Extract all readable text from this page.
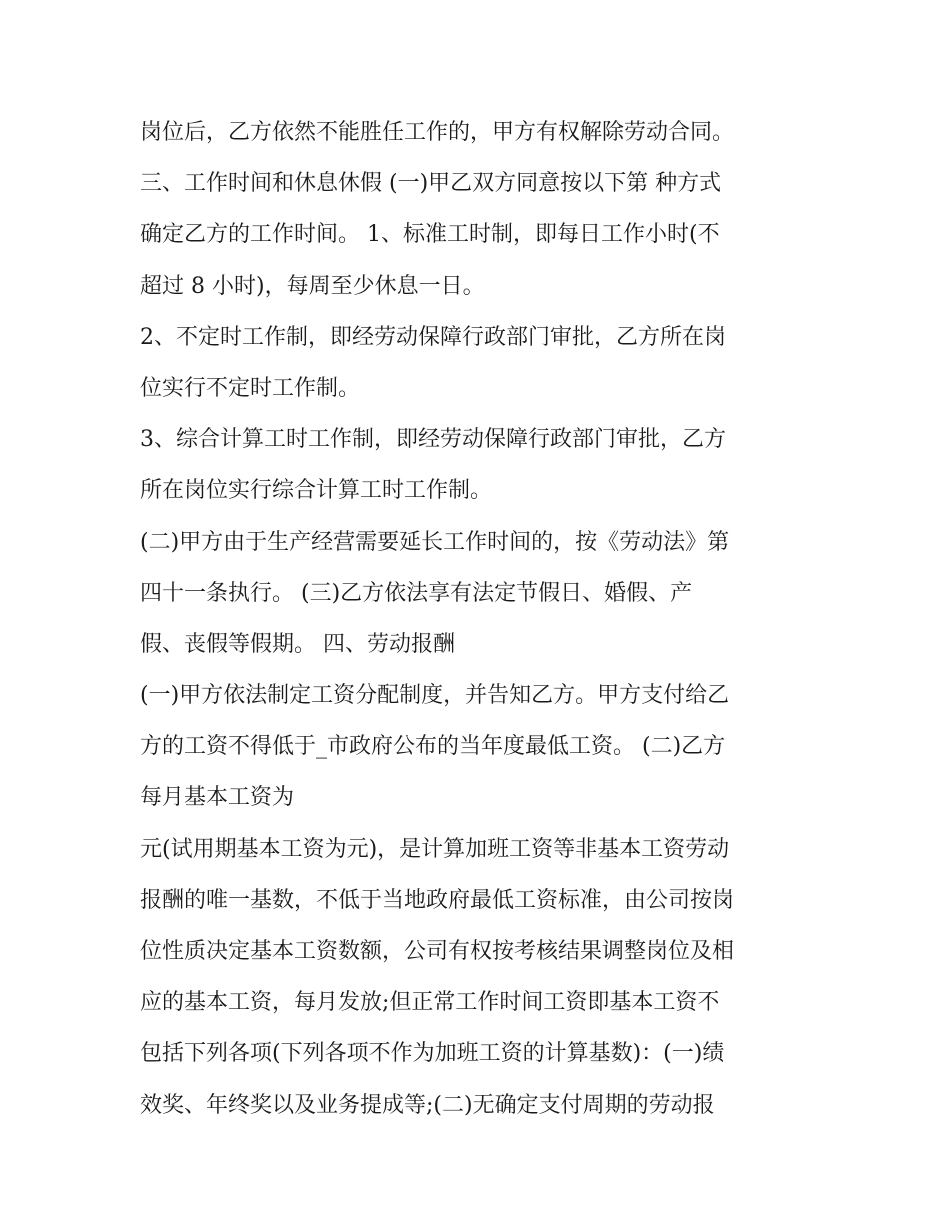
岗位后，乙方依然不能胜任工作的，甲方有权解除劳动合同。
三、工作时间和休息休假 (一)甲乙双方同意按以下第 种方式
确定乙方的工作时间。 1、标准工时制，即每日工作小时(不
超过 8 小时)，每周至少休息一日。
2、不定时工作制，即经劳动保障行政部门审批，乙方所在岗
位实行不定时工作制。
3、综合计算工时工作制，即经劳动保障行政部门审批，乙方
所在岗位实行综合计算工时工作制。
(二)甲方由于生产经营需要延长工作时间的，按《劳动法》第
四十一条执行。 (三)乙方依法享有法定节假日、婚假、产
假、丧假等假期。 四、劳动报酬
(一)甲方依法制定工资分配制度，并告知乙方。甲方支付给乙
方的工资不得低于_市政府公布的当年度最低工资。 (二)乙方
每月基本工资为
元(试用期基本工资为元)，是计算加班工资等非基本工资劳动
报酬的唯一基数，不低于当地政府最低工资标准，由公司按岗
位性质决定基本工资数额，公司有权按考核结果调整岗位及相
应的基本工资，每月发放;但正常工作时间工资即基本工资不
包括下列各项(下列各项不作为加班工资的计算基数)：(一)绩
效奖、年终奖以及业务提成等;(二)无确定支付周期的劳动报
